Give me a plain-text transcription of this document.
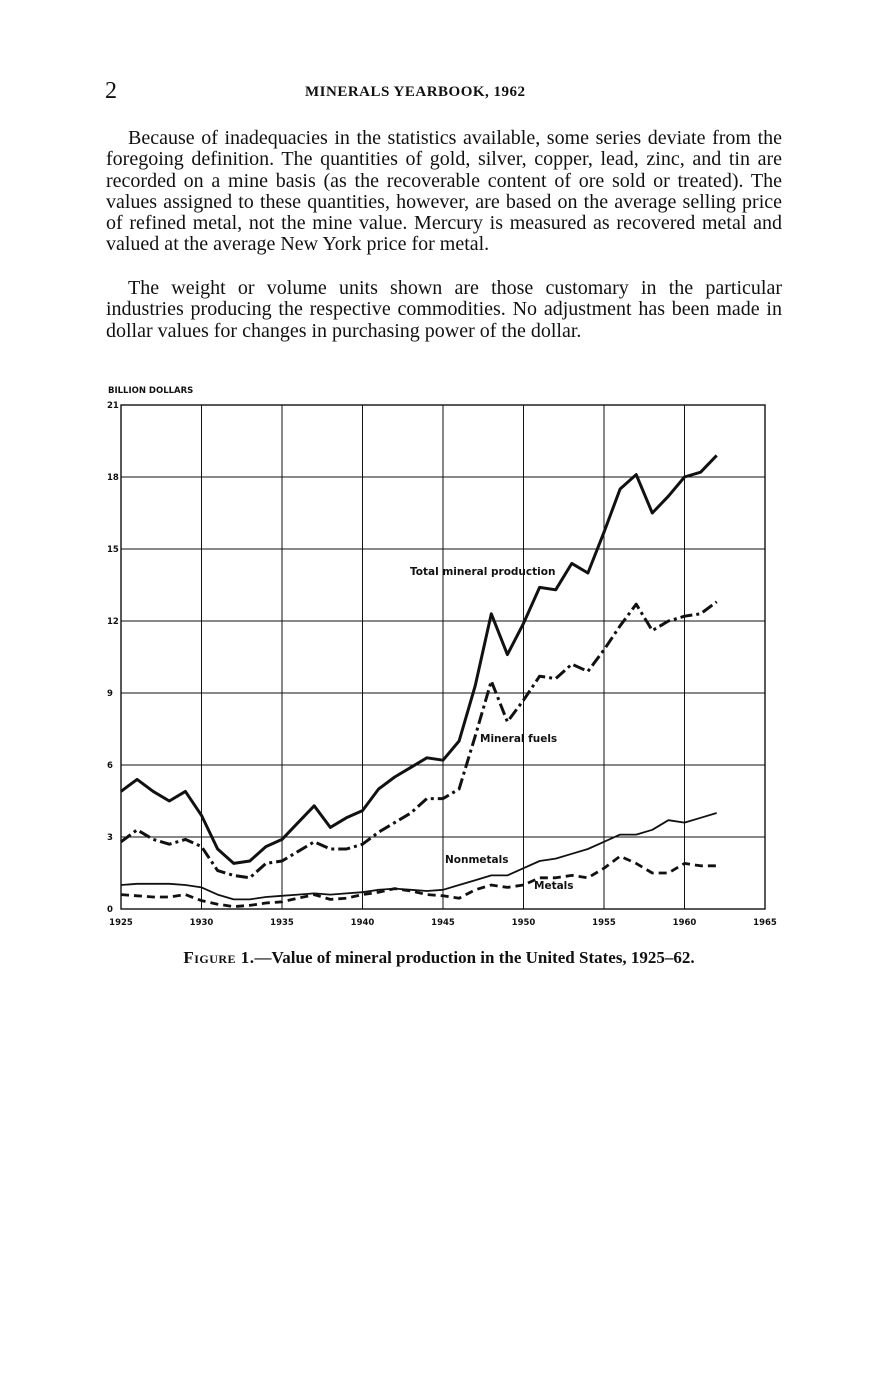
2	MINERALS YEARBOOK, 1962

Because of inadequacies in the statistics available, some series deviate from the foregoing definition. The quantities of gold, silver, copper, lead, zinc, and tin are recorded on a mine basis (as the recoverable content of ore sold or treated). The values assigned to these quantities, however, are based on the average selling price of refined metal, not the mine value. Mercury is measured as recovered metal and valued at the average New York price for metal.

The weight or volume units shown are those customary in the particular industries producing the respective commodities. No adjustment has been made in dollar values for changes in purchasing power of the dollar.

1925	1930	1935	1940	1945	1950	1955	1960	1965
0
3
6
9
12
15
18
21
Total mineral production
Mineral fuels
Nonmetals
Metals
BILLION DOLLARS
Figure 1.—Value of mineral production in the United States, 1925–62.
